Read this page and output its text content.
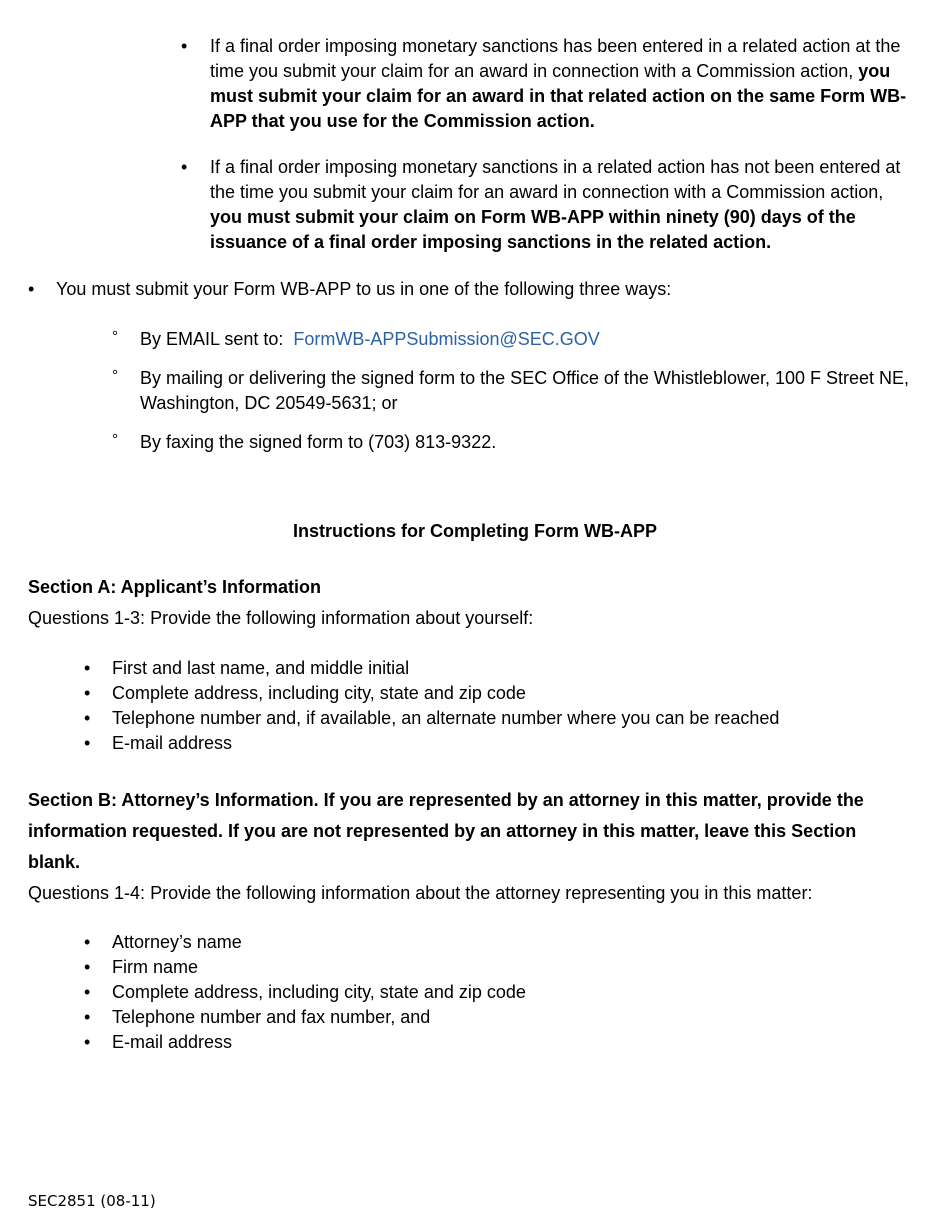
• If a final order imposing monetary sanctions has been entered in a related action at the time you submit your claim for an award in connection with a Commission action, you must submit your claim for an award in that related action on the same Form WB-APP that you use for the Commission action.
• If a final order imposing monetary sanctions in a related action has not been entered at the time you submit your claim for an award in connection with a Commission action, you must submit your claim on Form WB-APP within ninety (90) days of the issuance of a final order imposing sanctions in the related action.
• You must submit your Form WB-APP to us in one of the following three ways:
° By EMAIL sent to: FormWB-APPSubmission@SEC.GOV
° By mailing or delivering the signed form to the SEC Office of the Whistleblower, 100 F Street NE, Washington, DC 20549-5631; or
° By faxing the signed form to (703) 813-9322.
Instructions for Completing Form WB-APP
Section A: Applicant’s Information
Questions 1-3: Provide the following information about yourself:
• First and last name, and middle initial
• Complete address, including city, state and zip code
• Telephone number and, if available, an alternate number where you can be reached
• E-mail address
Section B: Attorney’s Information. If you are represented by an attorney in this matter, provide the information requested. If you are not represented by an attorney in this matter, leave this Section blank.
Questions 1-4: Provide the following information about the attorney representing you in this matter:
• Attorney’s name
• Firm name
• Complete address, including city, state and zip code
• Telephone number and fax number, and
• E-mail address
SEC2851 (08-11)
